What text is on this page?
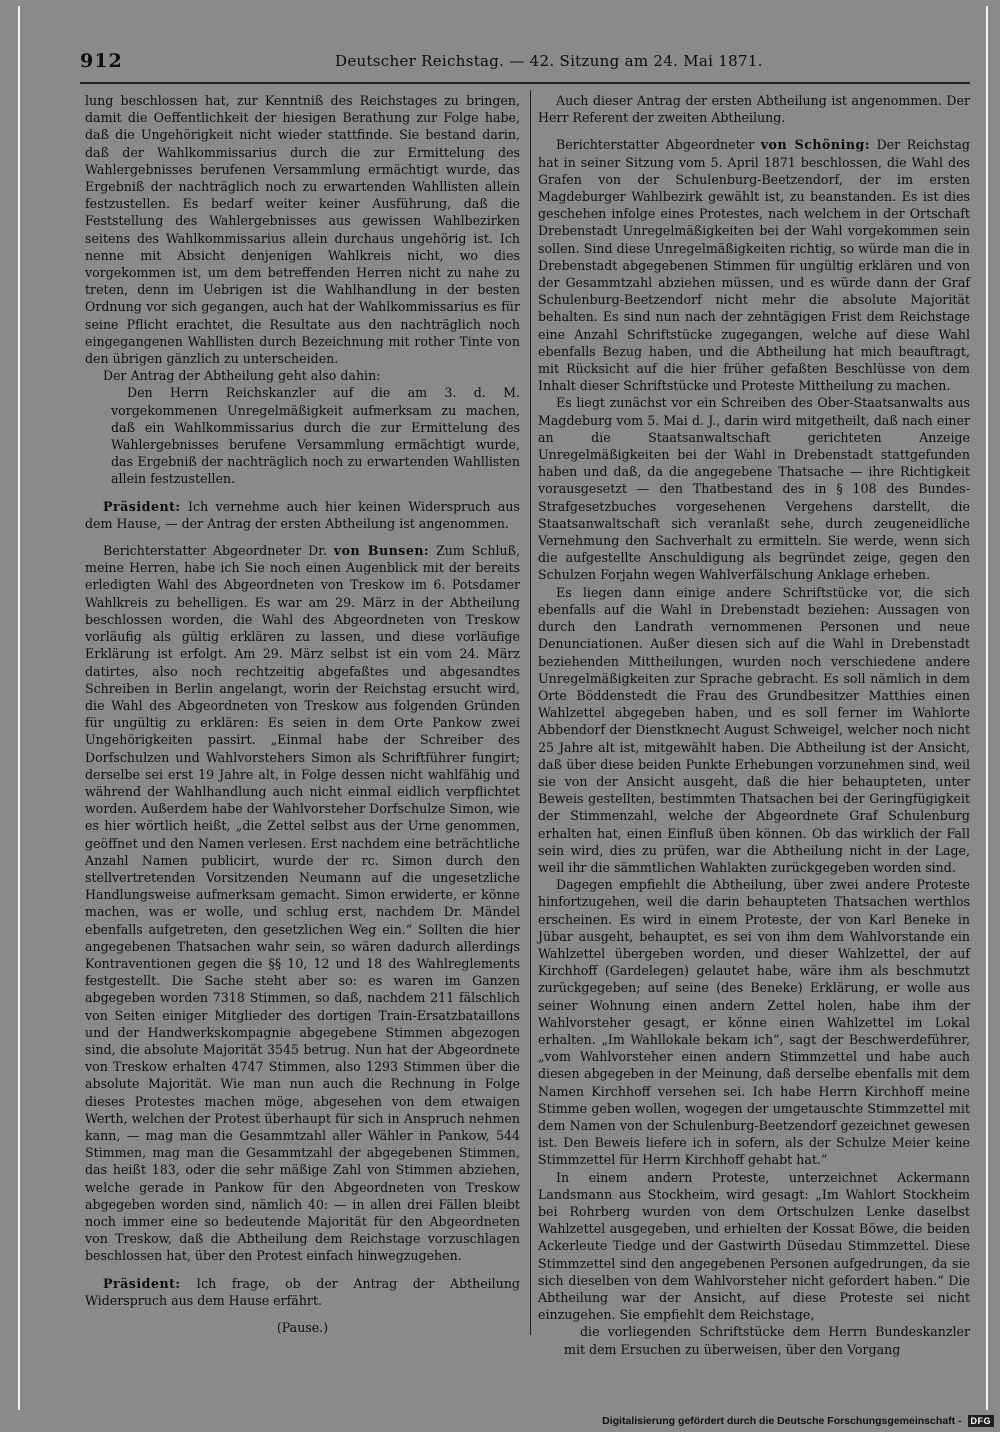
912	Deutscher Reichstag. — 42. Sitzung am 24. Mai 1871.

lung beschlossen hat, zur Kenntniß des Reichstages zu bringen, damit die Oeffentlichkeit der hiesigen Berathung zur Folge habe, daß die Ungehörigkeit nicht wieder stattfinde. Sie bestand darin, daß der Wahlkommissarius durch die zur Ermittelung des Wahlergebnisses berufenen Versammlung ermächtigt wurde, das Ergebniß der nachträglich noch zu erwartenden Wahllisten allein festzustellen. Es bedarf weiter keiner Ausführung, daß die Feststellung des Wahlergebnisses aus gewissen Wahlbezirken seitens des Wahlkommissarius allein durchaus ungehörig ist. Ich nenne mit Absicht denjenigen Wahlkreis nicht, wo dies vorgekommen ist, um dem betreffenden Herren nicht zu nahe zu treten, denn im Uebrigen ist die Wahlhandlung in der besten Ordnung vor sich gegangen, auch hat der Wahlkommissarius es für seine Pflicht erachtet, die Resultate aus den nachträglich noch eingegangenen Wahllisten durch Bezeichnung mit rother Tinte von den übrigen gänzlich zu unterscheiden.

Der Antrag der Abtheilung geht also dahin:

Den Herrn Reichskanzler auf die am 3. d. M. vorgekommenen Unregelmäßigkeit aufmerksam zu machen, daß ein Wahlkommissarius durch die zur Ermittelung des Wahlergebnisses berufene Versammlung ermächtigt wurde, das Ergebniß der nachträglich noch zu erwartenden Wahllisten allein festzustellen.

Präsident: Ich vernehme auch hier keinen Widerspruch aus dem Hause, — der Antrag der ersten Abtheilung ist angenommen.

Berichterstatter Abgeordneter Dr. von Bunsen: Zum Schluß, meine Herren, habe ich Sie noch einen Augenblick mit der bereits erledigten Wahl des Abgeordneten von Treskow im 6. Potsdamer Wahlkreis zu behelligen. Es war am 29. März in der Abtheilung beschlossen worden, die Wahl des Abgeordneten von Treskow vorläufig als gültig erklären zu lassen, und diese vorläufige Erklärung ist erfolgt. Am 29. März selbst ist ein vom 24. März datirtes, also noch rechtzeitig abgefaßtes und abgesandtes Schreiben in Berlin angelangt, worin der Reichstag ersucht wird, die Wahl des Abgeordneten von Treskow aus folgenden Gründen für ungültig zu erklären: Es seien in dem Orte Pankow zwei Ungehörigkeiten passirt. „Einmal habe der Schreiber des Dorfschulzen und Wahlvorstehers Simon als Schriftführer fungirt; derselbe sei erst 19 Jahre alt, in Folge dessen nicht wahlfähig und während der Wahlhandlung auch nicht einmal eidlich verpflichtet worden. Außerdem habe der Wahlvorsteher Dorfschulze Simon, wie es hier wörtlich heißt, „die Zettel selbst aus der Urne genommen, geöffnet und den Namen verlesen. Erst nachdem eine beträchtliche Anzahl Namen publicirt, wurde der rc. Simon durch den stellvertretenden Vorsitzenden Neumann auf die ungesetzliche Handlungsweise aufmerksam gemacht. Simon erwiderte, er könne machen, was er wolle, und schlug erst, nachdem Dr. Mändel ebenfalls aufgetreten, den gesetzlichen Weg ein.“ Sollten die hier angegebenen Thatsachen wahr sein, so wären dadurch allerdings Kontraventionen gegen die §§ 10, 12 und 18 des Wahlreglements festgestellt. Die Sache steht aber so: es waren im Ganzen abgegeben worden 7318 Stimmen, so daß, nachdem 211 fälschlich von Seiten einiger Mitglieder des dortigen Train-Ersatzbataillons und der Handwerkskompagnie abgegebene Stimmen abgezogen sind, die absolute Majorität 3545 betrug. Nun hat der Abgeordnete von Treskow erhalten 4747 Stimmen, also 1293 Stimmen über die absolute Majorität. Wie man nun auch die Rechnung in Folge dieses Protestes machen möge, abgesehen von dem etwaigen Werth, welchen der Protest überhaupt für sich in Anspruch nehmen kann, — mag man die Gesammtzahl aller Wähler in Pankow, 544 Stimmen, mag man die Gesammtzahl der abgegebenen Stimmen, das heißt 183, oder die sehr mäßige Zahl von Stimmen abziehen, welche gerade in Pankow für den Abgeordneten von Treskow abgegeben worden sind, nämlich 40: — in allen drei Fällen bleibt noch immer eine so bedeutende Majorität für den Abgeordneten von Treskow, daß die Abtheilung dem Reichstage vorzuschlagen beschlossen hat, über den Protest einfach hinwegzugehen.

Präsident: Ich frage, ob der Antrag der Abtheilung Widerspruch aus dem Hause erfährt.

(Pause.)

Auch dieser Antrag der ersten Abtheilung ist angenommen. Der Herr Referent der zweiten Abtheilung.

Berichterstatter Abgeordneter von Schöning: Der Reichstag hat in seiner Sitzung vom 5. April 1871 beschlossen, die Wahl des Grafen von der Schulenburg-Beetzendorf, der im ersten Magdeburger Wahlbezirk gewählt ist, zu beanstanden. Es ist dies geschehen infolge eines Protestes, nach welchem in der Ortschaft Drebenstadt Unregelmäßigkeiten bei der Wahl vorgekommen sein sollen. Sind diese Unregelmäßigkeiten richtig, so würde man die in Drebenstadt abgegebenen Stimmen für ungültig erklären und von der Gesammtzahl abziehen müssen, und es würde dann der Graf Schulenburg-Beetzendorf nicht mehr die absolute Majorität behalten. Es sind nun nach der zehntägigen Frist dem Reichstage eine Anzahl Schriftstücke zugegangen, welche auf diese Wahl ebenfalls Bezug haben, und die Abtheilung hat mich beauftragt, mit Rücksicht auf die hier früher gefaßten Beschlüsse von dem Inhalt dieser Schriftstücke und Proteste Mittheilung zu machen.

Es liegt zunächst vor ein Schreiben des Ober-Staatsanwalts aus Magdeburg vom 5. Mai d. J., darin wird mitgetheilt, daß nach einer an die Staatsanwaltschaft gerichteten Anzeige Unregelmäßigkeiten bei der Wahl in Drebenstadt stattgefunden haben und daß, da die angegebene Thatsache — ihre Richtigkeit vorausgesetzt — den Thatbestand des in § 108 des Bundes-Strafgesetzbuches vorgesehenen Vergehens darstellt, die Staatsanwaltschaft sich veranlaßt sehe, durch zeugeneidliche Vernehmung den Sachverhalt zu ermitteln. Sie werde, wenn sich die aufgestellte Anschuldigung als begründet zeige, gegen den Schulzen Forjahn wegen Wahlverfälschung Anklage erheben.

Es liegen dann einige andere Schriftstücke vor, die sich ebenfalls auf die Wahl in Drebenstadt beziehen: Aussagen von durch den Landrath vernommenen Personen und neue Denunciationen. Außer diesen sich auf die Wahl in Drebenstadt beziehenden Mittheilungen, wurden noch verschiedene andere Unregelmäßigkeiten zur Sprache gebracht. Es soll nämlich in dem Orte Böddenstedt die Frau des Grundbesitzer Matthies einen Wahlzettel abgegeben haben, und es soll ferner im Wahlorte Abbendorf der Dienstknecht August Schweigel, welcher noch nicht 25 Jahre alt ist, mitgewählt haben. Die Abtheilung ist der Ansicht, daß über diese beiden Punkte Erhebungen vorzunehmen sind, weil sie von der Ansicht ausgeht, daß die hier behaupteten, unter Beweis gestellten, bestimmten Thatsachen bei der Geringfügigkeit der Stimmenzahl, welche der Abgeordnete Graf Schulenburg erhalten hat, einen Einfluß üben können. Ob das wirklich der Fall sein wird, dies zu prüfen, war die Abtheilung nicht in der Lage, weil ihr die sämmtlichen Wahlakten zurückgegeben worden sind.

Dagegen empfiehlt die Abtheilung, über zwei andere Proteste hinfortzugehen, weil die darin behaupteten Thatsachen werthlos erscheinen. Es wird in einem Proteste, der von Karl Beneke in Jübar ausgeht, behauptet, es sei von ihm dem Wahlvorstande ein Wahlzettel übergeben worden, und dieser Wahlzettel, der auf Kirchhoff (Gardelegen) gelautet habe, wäre ihm als beschmutzt zurückgegeben; auf seine (des Beneke) Erklärung, er wolle aus seiner Wohnung einen andern Zettel holen, habe ihm der Wahlvorsteher gesagt, er könne einen Wahlzettel im Lokal erhalten. „Im Wahllokale bekam ich“, sagt der Beschwerdeführer, „vom Wahlvorsteher einen andern Stimmzettel und habe auch diesen abgegeben in der Meinung, daß derselbe ebenfalls mit dem Namen Kirchhoff versehen sei. Ich habe Herrn Kirchhoff meine Stimme geben wollen, wogegen der umgetauschte Stimmzettel mit dem Namen von der Schulenburg-Beetzendorf gezeichnet gewesen ist. Den Beweis liefere ich in sofern, als der Schulze Meier keine Stimmzettel für Herrn Kirchhoff gehabt hat.“

In einem andern Proteste, unterzeichnet Ackermann Landsmann aus Stockheim, wird gesagt: „Im Wahlort Stockheim bei Rohrberg wurden von dem Ortschulzen Lenke daselbst Wahlzettel ausgegeben, und erhielten der Kossat Böwe, die beiden Ackerleute Tiedge und der Gastwirth Düsedau Stimmzettel. Diese Stimmzettel sind den angegebenen Personen aufgedrungen, da sie sich dieselben von dem Wahlvorsteher nicht gefordert haben.“ Die Abtheilung war der Ansicht, auf diese Proteste sei nicht einzugehen. Sie empfiehlt dem Reichstage,

die vorliegenden Schriftstücke dem Herrn Bundeskanzler mit dem Ersuchen zu überweisen, über den Vorgang

Digitalisierung gefördert durch die Deutsche Forschungsgemeinschaft -	DFG
